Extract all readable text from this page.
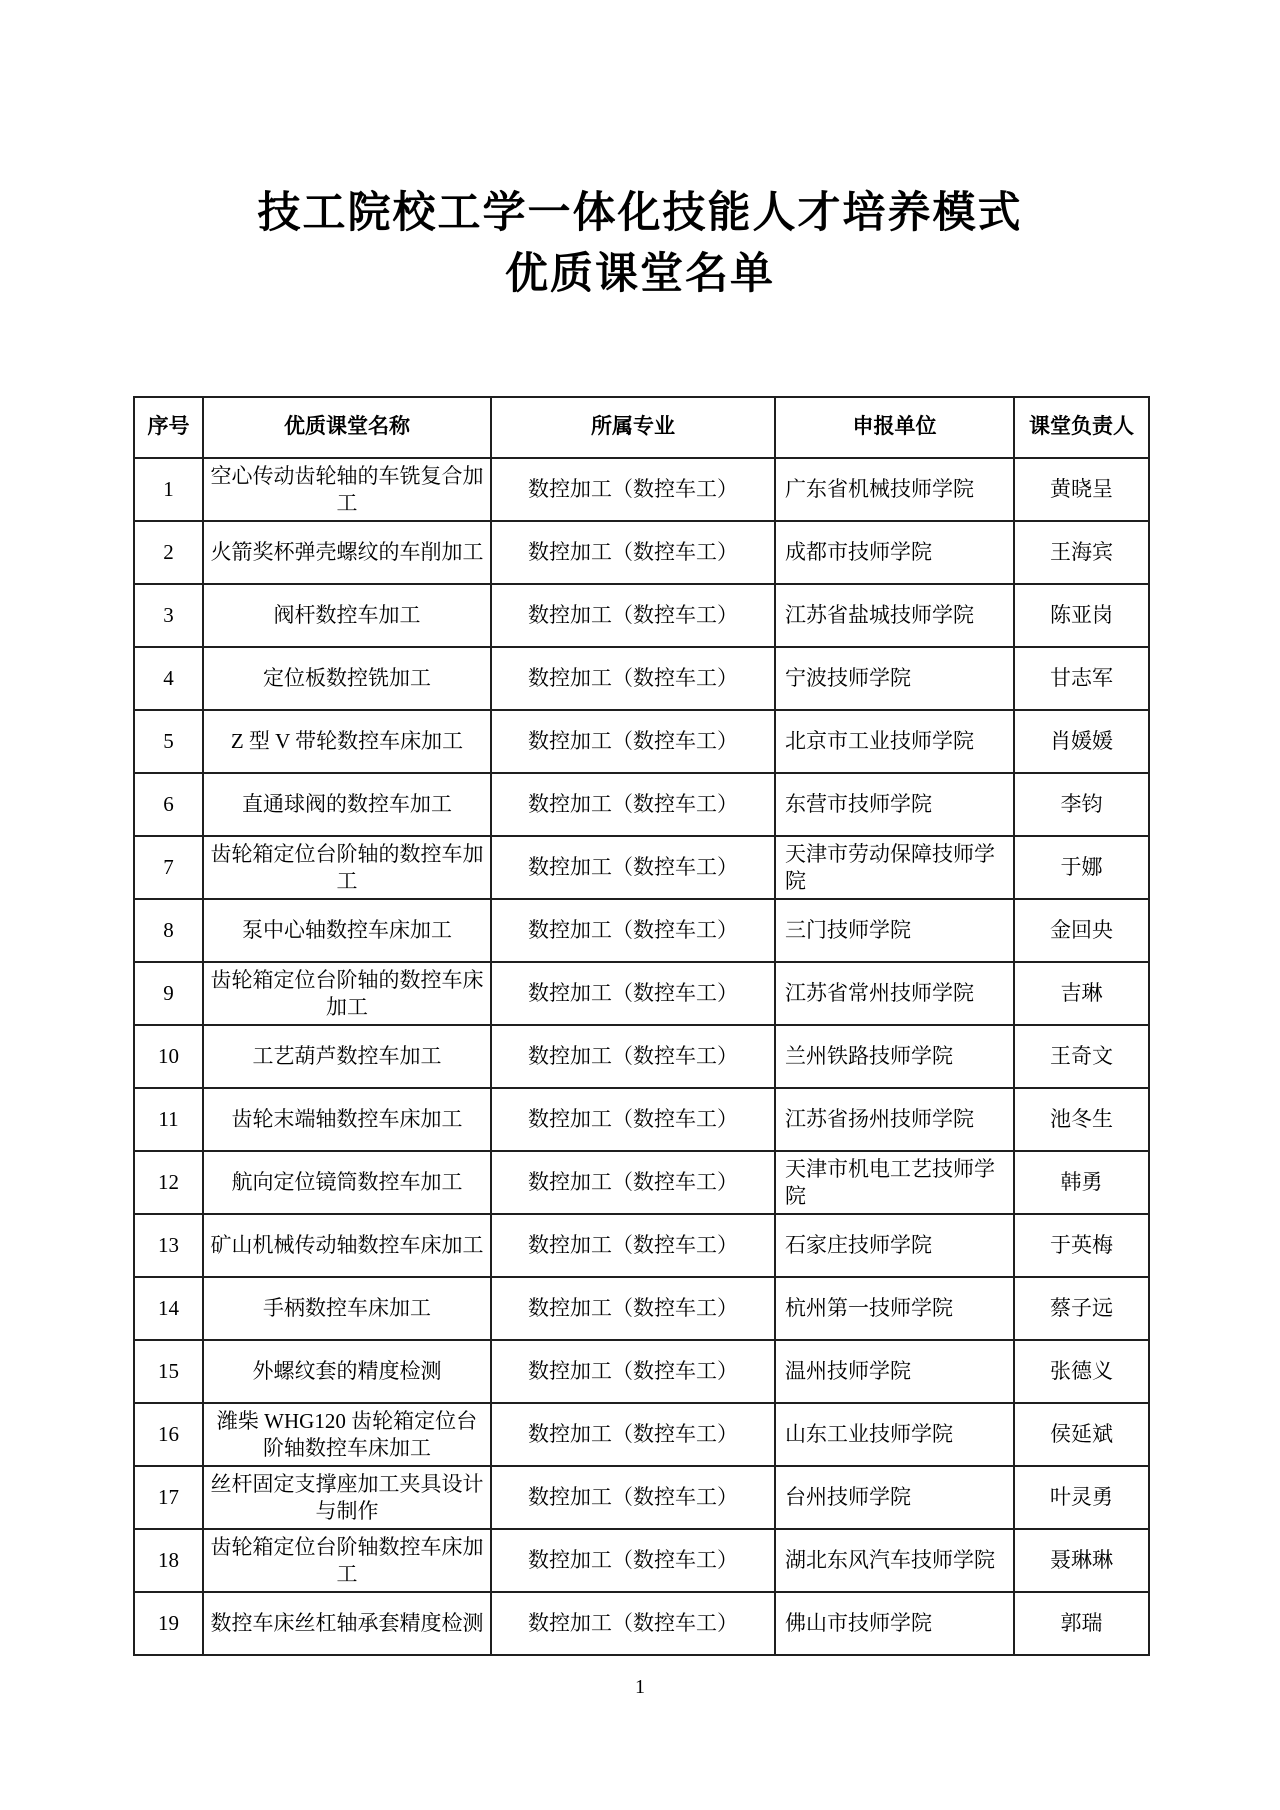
技工院校工学一体化技能人才培养模式
优质课堂名单
序号	优质课堂名称	所属专业	申报单位	课堂负责人
1	空心传动齿轮轴的车铣复合加工	数控加工（数控车工）	广东省机械技师学院	黄晓呈
2	火箭奖杯弹壳螺纹的车削加工	数控加工（数控车工）	成都市技师学院	王海宾
3	阀杆数控车加工	数控加工（数控车工）	江苏省盐城技师学院	陈亚岗
4	定位板数控铣加工	数控加工（数控车工）	宁波技师学院	甘志军
5	Z 型 V 带轮数控车床加工	数控加工（数控车工）	北京市工业技师学院	肖媛媛
6	直通球阀的数控车加工	数控加工（数控车工）	东营市技师学院	李钧
7	齿轮箱定位台阶轴的数控车加工	数控加工（数控车工）	天津市劳动保障技师学院	于娜
8	泵中心轴数控车床加工	数控加工（数控车工）	三门技师学院	金回央
9	齿轮箱定位台阶轴的数控车床加工	数控加工（数控车工）	江苏省常州技师学院	吉琳
10	工艺葫芦数控车加工	数控加工（数控车工）	兰州铁路技师学院	王奇文
11	齿轮末端轴数控车床加工	数控加工（数控车工）	江苏省扬州技师学院	池冬生
12	航向定位镜筒数控车加工	数控加工（数控车工）	天津市机电工艺技师学院	韩勇
13	矿山机械传动轴数控车床加工	数控加工（数控车工）	石家庄技师学院	于英梅
14	手柄数控车床加工	数控加工（数控车工）	杭州第一技师学院	蔡子远
15	外螺纹套的精度检测	数控加工（数控车工）	温州技师学院	张德义
16	潍柴 WHG120 齿轮箱定位台阶轴数控车床加工	数控加工（数控车工）	山东工业技师学院	侯延斌
17	丝杆固定支撑座加工夹具设计与制作	数控加工（数控车工）	台州技师学院	叶灵勇
18	齿轮箱定位台阶轴数控车床加工	数控加工（数控车工）	湖北东风汽车技师学院	聂琳琳
19	数控车床丝杠轴承套精度检测	数控加工（数控车工）	佛山市技师学院	郭瑞
1
